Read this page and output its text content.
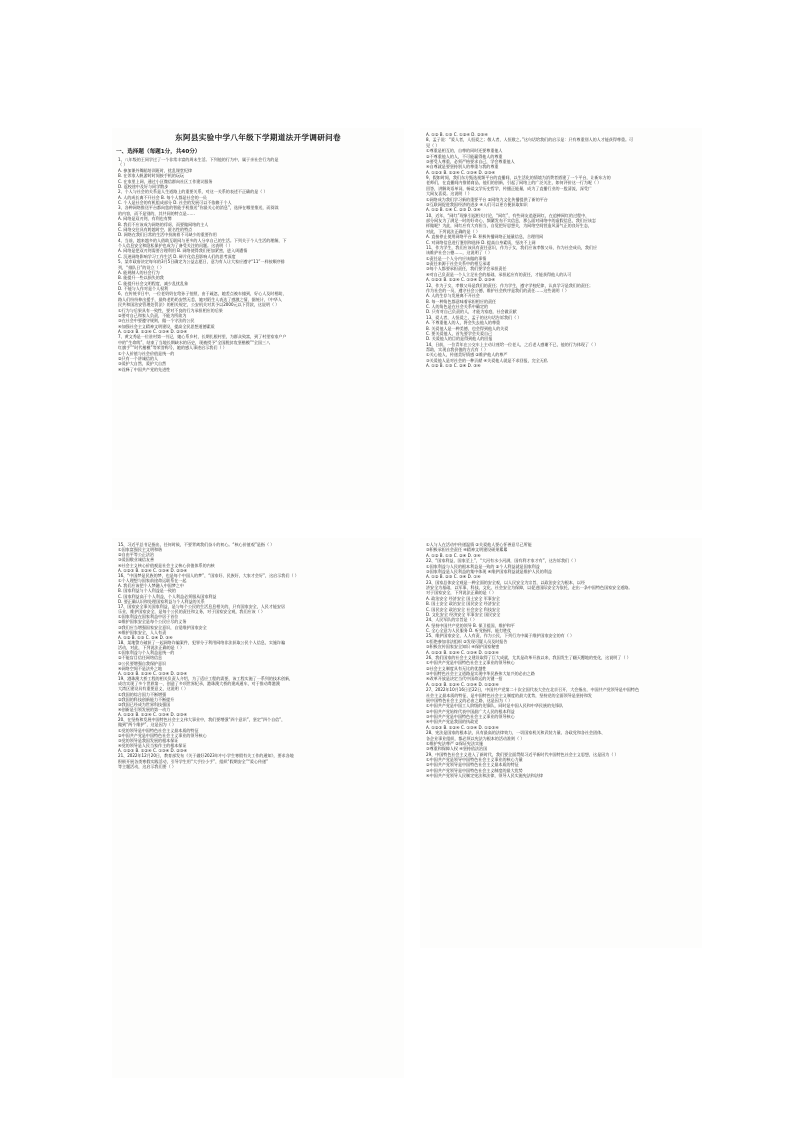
东阿县实验中学八年级下学期道法开学调研问卷
一、选择题（每题1分，共40分）
1、八年级的王同学过了一个非常丰富的周末生活。下列他的行为中，属于亲社会行为的是
（ ）
A. 参加课外舞蹈培训班时，扰乱课堂纪律
B. 在邻家人帆游时时间接手机的玩玩
C. 在家里上网，通过小区微信群向社区工作建议服务
D. 返校途中及好与同学散步
2、个人与社会的关系是人生道路上的重要关系，对这一关系的表述不正确的是（ ）
A. 人的成长离不开社会 B. 每个人都是社会的一员
C. 个人是社会的有机组成部分 D. 社会的发展可以不依赖于个人
3、各种网络推送平台都向您的智能手机推送“你最关心的消息”，选择在哪里推送，而阅读
的内容，而不是别的，其共同的特点是……
A. 网络是双刃剑，有利也有弊
B. 我们不应该成为网络的俘虏，而要做网络的主人
C. 网络交往具有跨越时空、匿名性的特点
D. 网络在我们日常的生活中扮演着不可缺少的重要作用
4、当前，越来越多的人借助互联网与更多的人分享自己的生活。下列关于个人生活的理解，下
个人信息安全和隐私保护也成为了备受关注的问题。这表明（ ）
A. 网络是把双刃剑需要合理利用 B. 网络使得我们更加紧密，进入周遭情
C. 沉迷网络影响学习工作生活 D. 碎片化信息影响人们的思考深度
5、某市政府决定每年的3月5日确定为公益志愿日，意为有人让大家应遵守“11”一样按顺序排
列，“排队日”的设立（ ）
A. 能规制人的社会行为
B. 能提升一些以损失的我
C. 能提升社会文明程度，减少乱扰乱象
D. 不能与人作对是个人权利
6、在传统节日中，一位老奶奶在给孙子拍照，由于疏忽，她差点被车撞到，好心人及时相助，
路人们纷纷伸出援手，最终老奶奶安然无恙，她对陌生人表达了感激之情，据统计，《中华人
民共和国治安管理处罚法》的相关规定，公安机关对其予以2000元以下罚款，这说明（ ）
①行为与后果具有一致性，要对不良的行为承担相应的后果
②要对自己和家人负责，不能为所欲为
③在社会中要遵守规则，做一个守法的公民
④加强社会主义精神文明建设，提高全民思想道德素质
A. ①②③ B. ①②④ C. ①③④ D. ②③④
7、黄文秀是一位驻村第一书记，她心系乡村，长期扎根村里，为群众致富，到了村里家家户户
中的“生命线”，结束了当地长期缺水的历史，现被授予“全国脱贫攻坚楷模”“全国三八
红旗手”“时代楷模”等荣誉称号，她的感人事迹启示我们（ ）
①个人价值与社会价值是统一的
②只有一个讲诚信的人
③爱护大自然，爱护大自然
④诠释了中国共产党的先进性
A. ①② B. ①③ C. ①②④ D. ②③④
8、孟子说：“爱人者，人恒爱之；敬人者，人恒敬之。”这句话给我们的启示是：只有尊重别人的人才能获得尊重。可
见（ ）
①尊重是相互的，自尊的同时还要尊重他人
②不尊重他人的人，不可能赢得他人的尊重
③要受人尊重，必须严格要求自己，学会尊重他人
④自尊就是要坚持别人的尊重与我的尊重
A. ①②③ B. ①②④ C. ①③④ D. ②③④
9、假如时间，我们东方甄选视频平台的直播间，以生活化的情境为消费者搭建了一个平台，让新东方的
老师们，在直播间内推销商品，他们的创新，引起了网络上的广泛关注，如何评价这一行为呢（ ）
回答，讲解英语单词，畅谈文学历史哲学，传播正能量，成为了直播行业的一股清流，深受广
大网友喜爱。这说明（ ）
①网络成为我们学习新的重要平台 ②网络为文化传播提供了新的平台
③互联网促进我国经济的进步 ④人们可以更方便获取知识
A. ①② B. ①④ C. ②③ D. ③④
10、近年，“网红”现象引起相关讨论，“网红”，有些网友追逐网红，在追捧网红的过程中，
部分网友为了满足一时的好奇心，频繁发布不实信息，那么面对网络中的虚假信息，我们应该怎
样做呢？为此，网红应有大有担当，自觉把好思想关，为网络空间营造风清气正的良好生态，
对此，下列说法正确的是（ ）
A. 直接停止使用网络平台 B. 积极传播网络正能量信息，合理用网
C. 对网络信息进行鉴别和选择 D. 提高自身素质，坚决不上网
11、作为学生，我们应该具有责任意识，作为子女，我们应该孝敬父母，作为社会成员，我们应
该维护社会公德……，这说明了（ ）
①责任是一个人分内应该做的事情
②责任来源于社会关系中的相互承诺
③每个人都要承担责任，我们要学会承担责任
④对自己负责是一个人立足社会的基础，承担起应有的责任，才能获得他人的认可
A. ①②③ B. ①②④ C. ①③④ D. ②③④
12、作为子女，孝敬父母是我们的责任；作为学生，遵守学校纪律，认真学习是我们的责任；
作为社会的一员，遵守社会公德，维护社会秩序是我们的责任……这些说明（ ）
A. 人的生存与发展离不开社会
B. 每一种角色都意味着承担相应的责任
C. 人的角色是在社会关系中确定的
D. 只有对自己负责的人，才能为家庭，社会做贡献
13、爱人者，人恒爱之，孟子的这句话告诉我们（ ）
A. 不尊重他人的人，将会失去他人的尊重
B. 关爱他人是一种美德，也会得到他人的关爱
C. 要关爱他人，首先要学会关爱自己
D. 关爱他人的目的是得到他人的回报
14、日前，一位青年在公交车上主动让座给一位老人，之后老人感谢不已，他的行为体现了（ ）
帮助，实现自我价值的方式有（ ）
①关心他人，传递美好情感 ②维护他人的尊严
③关爱他人是对社会的一种贡献 ④关爱他人就是不求回报，完全无私
A. ①② B. ①③ C. ②④ D. ③④
15、习近平总书记指出，任何时候，不要背离我们奋斗的初心。“核心价值观”是指（ ）
①国家富强民主文明和谐
②自由平等公正法治
③爱国敬业诚信友善
④社会主义核心价值观是社会主义核心价值体系的内核
A. ①②③ B. ①②④ C. ①③④ D. ②③④
16、“中国梦是民族的梦，也是每个中国人的梦”，“国家好、民族好，大家才会好”，这启示我们（ ）
①个人理想与国家前途命运联系在一起
A. 我们应该把个人梦融入中国梦之中
B. 国家利益与个人利益是一致的
C. 国家利益高于个人利益，个人利益必须服从国家利益
D. 要正确认识和处理国家利益与个人利益的关系
17、国家安全事关国家利益，是与每个公民的生活息息相关的，只有国家安全，人民才能安居
乐业，维护国家安全，是每个公民的责任和义务，对于国家安全观，我们应该（ ）
①国家利益在国家利益中居于首位
②维护国家安全是每个公民应尽的义务
③我们应当增强国家安全意识，自觉维护国家安全
④维护国家安全，人人有责
A. ①② B. ①③ C. ②④ D. ③④
18、某地警方破获了一起网络诈骗案件，犯罪分子利用网络非法获取公民个人信息，实施诈骗
活动，对此，下列说法正确的是（ ）
①国家利益与个人利益是统一的
②不能盲目信任网络信息
③公民要增强自我保护意识
④网络空间不是法外之地
A. ①②③ B. ①②④ C. ①③④ D. ②③④
19、港珠澳大桥工程的相关负责人介绍，为了适应工程的需要，该工程实施了一系列的技术创新，
成功实现了多个世界第一，创造了多项世界纪录，港珠澳大桥的建成通车，对于推动粤港澳
大湾区建设具有重要意义，这说明（ ）
①我国的综合国力不断增强
②我国的科技创新能力不断提升
③我国已经成为世界科技强国
④创新是引领发展的第一动力
A. ①②③ B. ①②④ C. ①③④ D. ②③④
20、在坚持和发展中国特色社会主义伟大事业中，我们要增强“四个意识”，坚定“四个自信”，
做到“两个维护”，这是因为（ ）
①党的领导是中国特色社会主义最本质的特征
②中国共产党是中国特色社会主义事业的领导核心
③党的领导是我国发展的根本保证
④党的领导是人民当家作主的根本保证
A. ①②③ B. ①②④ C. ①③④ D. ②③④
21、2022年12月20日，教育部发布《关于做好2023年中小学生寒假有关工作的通知》，要求各地
积极开展各类寒假实践活动，引导学生用“大手拉小手”，组织“假期安全”“爱心传递”
等主题活动，这启示我们要（ ）
①人与人在活动中传递温情 ②关爱他人要心怀善意尽己所能
③积极承担社会责任 ④精神文明建设硕果累累
A. ①② B. ①③ C. ②④ D. ③④
22、“国家利益，国家至上”，“大河有水小河满，国有利才家才有”，这告诉我们（ ）
①国家利益与人民的根本利益是一致的 ②个人利益就是国家利益
③国家利益是人民利益的集中体现 ④维护国家利益就是维护人民的利益
A. ①② B. ②③ C. ③④ D. ①④
23、国家总体安全观是一种全面的安全观，以人民安全为宗旨，以政治安全为根本，以经
济安全为基础，以军事、科技、文化、社会安全为保障，以促进国际安全为依托，走出一条中国特色国家安全道路。
对于国家安全，下列说法正确的是（ ）
A. 政治安全 经济安全 国土安全 军事安全
B. 国土安全 政治安全 国民安全 经济安全
C. 国民安全 政治安全 社会安全 科技安全
D. 文化安全 经济安全 军事安全 国民安全
24、人民军队的宗旨是（ ）
A. 坚持中国共产党的领导 B. 保卫祖国，维护和平
C. 全心全意为人民服务 D. 听党指挥，能打胜仗
25、维护国家安全，人人有责，作为公民，下列行为中属于维护国家安全的有（ ）
①拒绝参加非法组织 ②发现可疑人员及时报告
③积极宣传国家安全知识 ④保护国家秘密
A. ①②③ B. ①②④ C. ①③④ D. ①②③④
26、我们国家的社会主义建设取得了巨大成就，尤其是改革开放以来，我国发生了翻天覆地的变化，这说明了（ ）
①中国共产党是中国特色社会主义事业的领导核心
②社会主义制度具有无比的优越性
③中国特色社会主义道路是实现中华民族伟大复兴的必由之路
④改革开放是决定当代中国命运的关键一招
A. ①②③ B. ①②④ C. ①③④ D. ①②③④
27、2022年10月16日至22日，中国共产党第二十次全国代表大会在北京召开，大会指出，中国共产党领导是中国特色
社会主义最本质的特征，是中国特色社会主义制度的最大优势，坚持党的全面领导是坚持和发
展中国特色社会主义的必由之路，这是因为（ ）
①中国共产党是中国工人阶级的先锋队，同时是中国人民和中华民族的先锋队
②中国共产党始终代表中国最广大人民的根本利益
③中国共产党是中国特色社会主义事业的领导核心
④中国共产党是我国的执政党
A. ①②③ B. ①②④ C. ①③④ D. ①②③④
28、宪法是国家的根本法，具有最高的法律效力，一切国家机关和武装力量、各政党和各社会团体、
各企业事业组织，都必须以宪法为根本的活动准则（ ）
①维护宪法尊严 ②保证宪法实施
③尊重和保障人权 ④坚持依法治国
29、中国特色社会主义进入了新时代，我们要全面贯彻习近平新时代中国特色社会主义思想，这是因为（ ）
①中国共产党是领导中国特色社会主义事业的核心力量
②中国共产党领导是中国特色社会主义最本质的特征
③中国共产党领导是中国特色社会主义制度的最大优势
④中国共产党领导人民制定宪法和法律，领导人民实施宪法和法律
